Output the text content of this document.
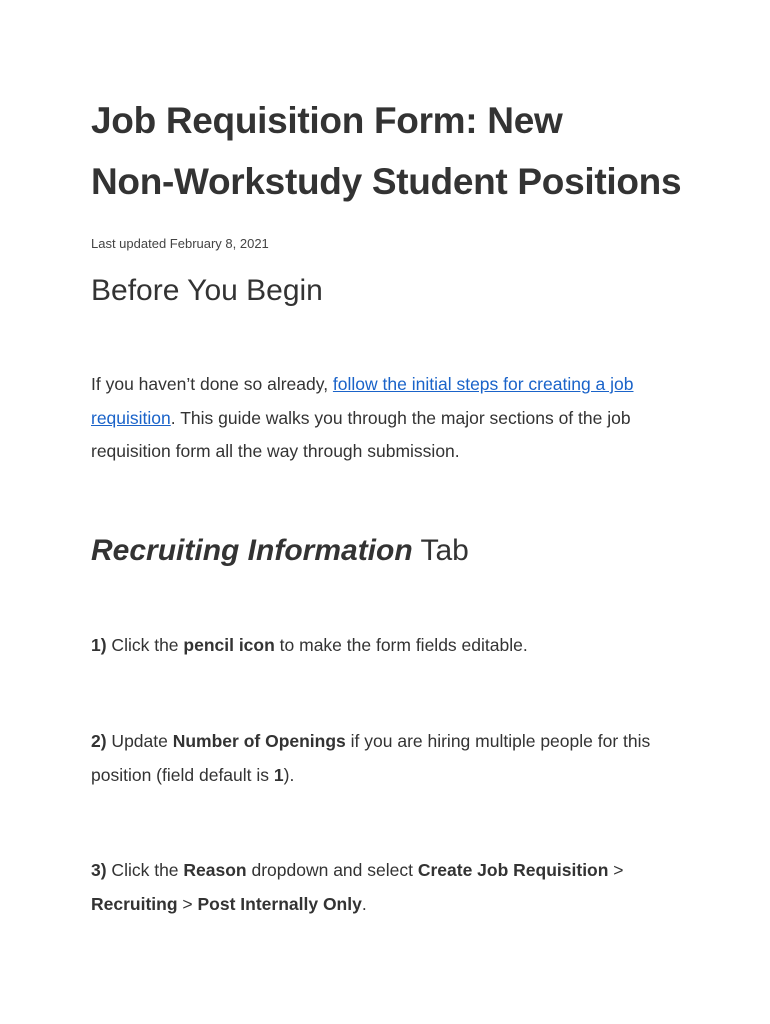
Job Requisition Form: New
Non-Workstudy Student Positions

Last updated February 8, 2021

Before You Begin

If you haven’t done so already, follow the initial steps for creating a job requisition. This guide walks you through the major sections of the job requisition form all the way through submission.

Recruiting Information Tab

1) Click the pencil icon to make the form fields editable.

2) Update Number of Openings if you are hiring multiple people for this position (field default is 1).

3) Click the Reason dropdown and select Create Job Requisition > Recruiting > Post Internally Only.
